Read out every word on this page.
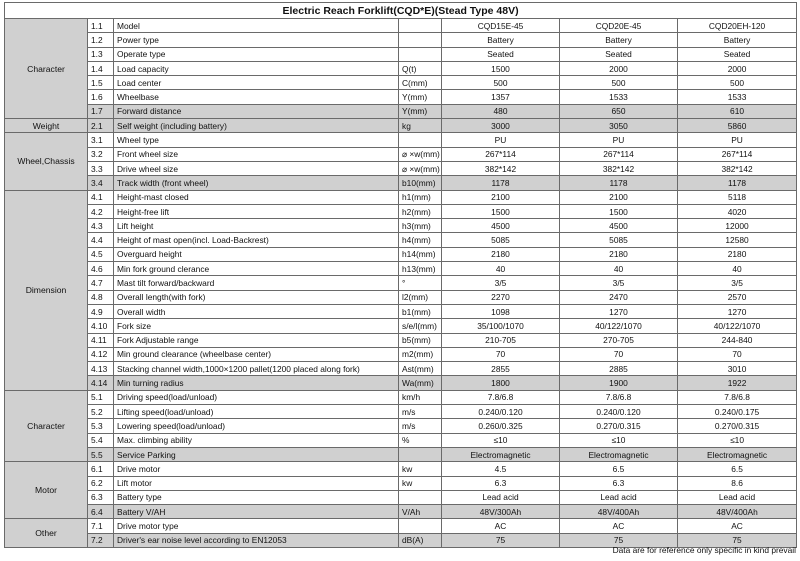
Electric Reach Forklift(CQD*E)(Stead Type 48V)						
Character	1.1	Model		CQD15E-45	CQD20E-45	CQD20EH-120
	1.2	Power type		Battery	Battery	Battery
	1.3	Operate type		Seated	Seated	Seated
	1.4	Load capacity	Q(t)	1500	2000	2000
	1.5	Load center	C(mm)	500	500	500
	1.6	Wheelbase	Y(mm)	1357	1533	1533
	1.7	Forward distance	Y(mm)	480	650	610
Weight	2.1	Self weight (including battery)	kg	3000	3050	5860
Wheel,Chassis	3.1	Wheel type		PU	PU	PU
	3.2	Front wheel size	⌀ ×w(mm)	267*114	267*114	267*114
	3.3	Drive wheel size	⌀ ×w(mm)	382*142	382*142	382*142
	3.4	Track width (front wheel)	b10(mm)	1178	1178	1178
Dimension	4.1	Height-mast closed	h1(mm)	2100	2100	5118
	4.2	Height-free lift	h2(mm)	1500	1500	4020
	4.3	Lift height	h3(mm)	4500	4500	12000
	4.4	Height of mast open(incl. Load-Backrest)	h4(mm)	5085	5085	12580
	4.5	Overguard height	h14(mm)	2180	2180	2180
	4.6	Min fork ground clerance	h13(mm)	40	40	40
	4.7	Mast tilt forward/backward	°	3/5	3/5	3/5
	4.8	Overall length(with fork)	l2(mm)	2270	2470	2570
	4.9	Overall width	b1(mm)	1098	1270	1270
	4.10	Fork size	s/e/l(mm)	35/100/1070	40/122/1070	40/122/1070
	4.11	Fork Adjustable range	b5(mm)	210-705	270-705	244-840
	4.12	Min ground clearance (wheelbase center)	m2(mm)	70	70	70
	4.13	Stacking channel width,1000×1200 pallet(1200 placed along fork)	Ast(mm)	2855	2885	3010
	4.14	Min turning radius	Wa(mm)	1800	1900	1922
Character	5.1	Driving speed(load/unload)	km/h	7.8/6.8	7.8/6.8	7.8/6.8
	5.2	Lifting speed(load/unload)	m/s	0.240/0.120	0.240/0.120	0.240/0.175
	5.3	Lowering speed(load/unload)	m/s	0.260/0.325	0.270/0.315	0.270/0.315
	5.4	Max. climbing ability	%	≤10	≤10	≤10
	5.5	Service Parking		Electromagnetic	Electromagnetic	Electromagnetic
Motor	6.1	Drive motor	kw	4.5	6.5	6.5
	6.2	Lift motor	kw	6.3	6.3	8.6
	6.3	Battery type		Lead acid	Lead acid	Lead acid
	6.4	Battery V/AH	V/Ah	48V/300Ah	48V/400Ah	48V/400Ah
Other	7.1	Drive motor type		AC	AC	AC
	7.2	Driver's ear noise level according to EN12053	dB(A)	75	75	75
Data are for reference only specific in kind prevail
